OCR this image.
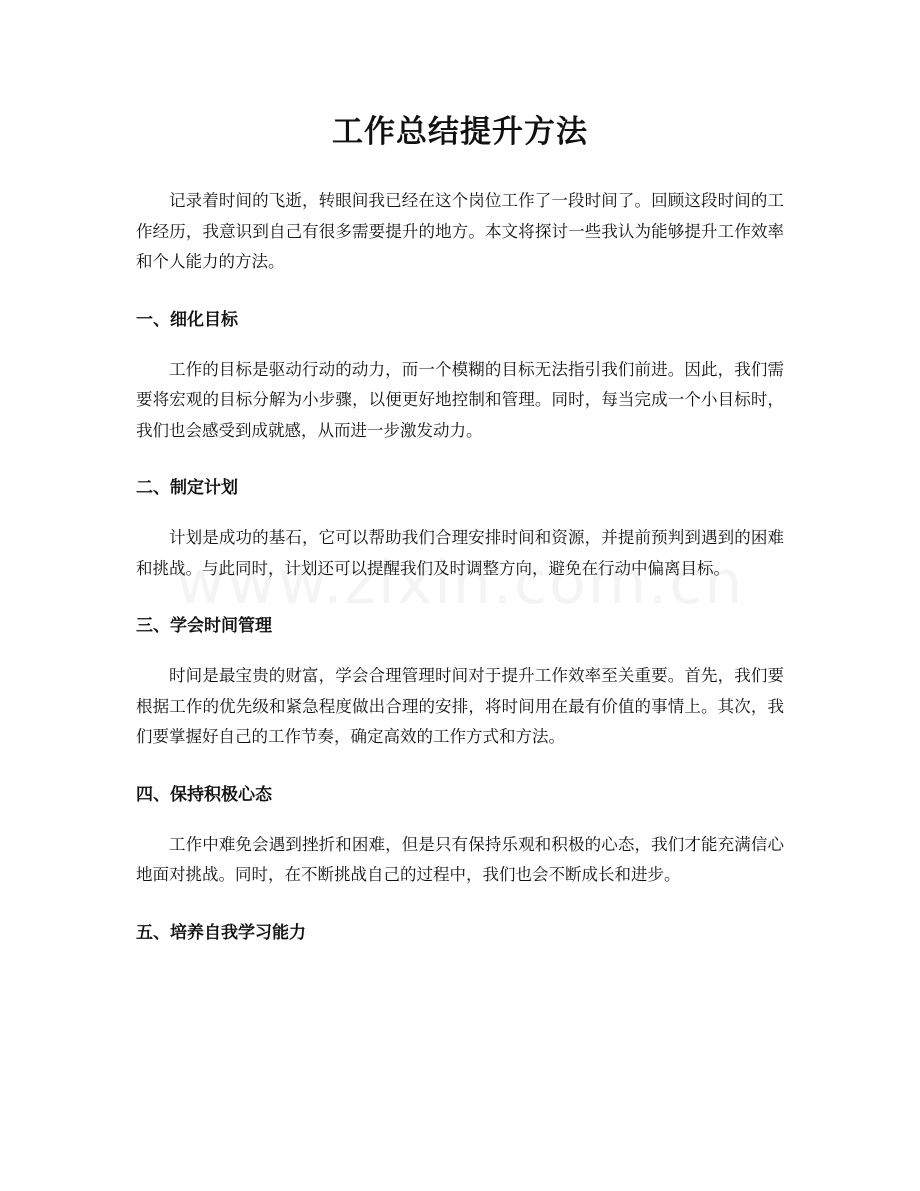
工作总结提升方法

记录着时间的飞逝，转眼间我已经在这个岗位工作了一段时间了。回顾这段时间的工作经历，我意识到自己有很多需要提升的地方。本文将探讨一些我认为能够提升工作效率和个人能力的方法。

一、细化目标

工作的目标是驱动行动的动力，而一个模糊的目标无法指引我们前进。因此，我们需要将宏观的目标分解为小步骤，以便更好地控制和管理。同时，每当完成一个小目标时，我们也会感受到成就感，从而进一步激发动力。

二、制定计划

计划是成功的基石，它可以帮助我们合理安排时间和资源，并提前预判到遇到的困难和挑战。与此同时，计划还可以提醒我们及时调整方向，避免在行动中偏离目标。

三、学会时间管理

时间是最宝贵的财富，学会合理管理时间对于提升工作效率至关重要。首先，我们要根据工作的优先级和紧急程度做出合理的安排，将时间用在最有价值的事情上。其次，我们要掌握好自己的工作节奏，确定高效的工作方式和方法。

四、保持积极心态

工作中难免会遇到挫折和困难，但是只有保持乐观和积极的心态，我们才能充满信心地面对挑战。同时，在不断挑战自己的过程中，我们也会不断成长和进步。

五、培养自我学习能力
